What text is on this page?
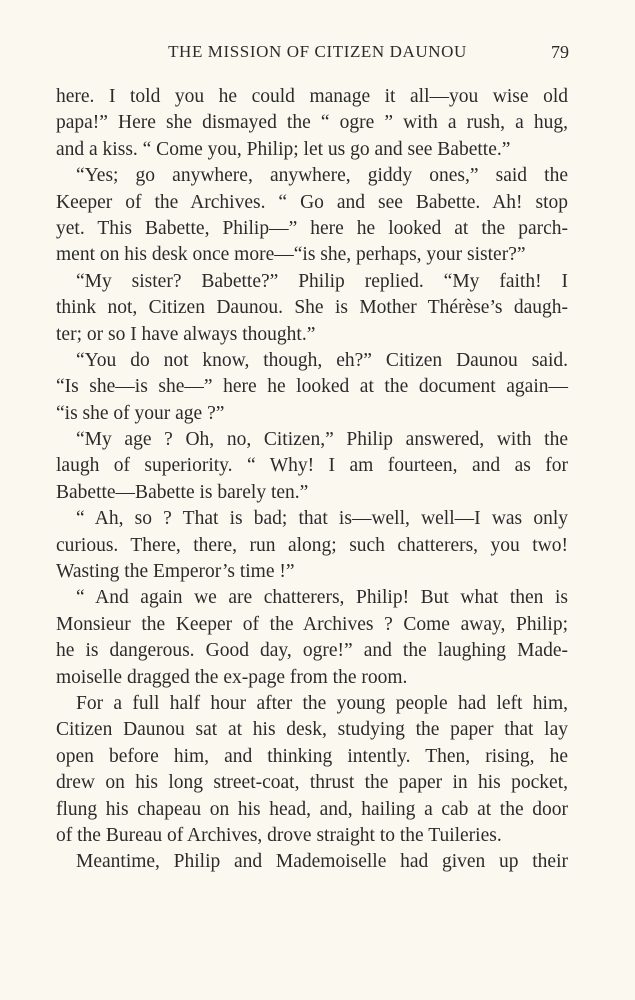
THE MISSION OF CITIZEN DAUNOU	79
here. I told you he could manage it all—you wise old
papa!” Here she dismayed the “ ogre ” with a rush, a hug,
and a kiss. “ Come you, Philip; let us go and see Babette.”
“Yes; go anywhere, anywhere, giddy ones,” said the
Keeper of the Archives. “ Go and see Babette. Ah! stop
yet. This Babette, Philip—” here he looked at the parch-
ment on his desk once more—“is she, perhaps, your sister?”
“My sister? Babette?” Philip replied. “My faith! I
think not, Citizen Daunou. She is Mother Thérèse’s daugh-
ter; or so I have always thought.”
“You do not know, though, eh?” Citizen Daunou said.
“Is she—is she—” here he looked at the document again—
“is she of your age ?”
“My age ? Oh, no, Citizen,” Philip answered, with the
laugh of superiority. “ Why! I am fourteen, and as for
Babette—Babette is barely ten.”
“ Ah, so ? That is bad; that is—well, well—I was only
curious. There, there, run along; such chatterers, you two!
Wasting the Emperor’s time !”
“ And again we are chatterers, Philip! But what then is
Monsieur the Keeper of the Archives ? Come away, Philip;
he is dangerous. Good day, ogre!” and the laughing Made-
moiselle dragged the ex-page from the room.
For a full half hour after the young people had left him,
Citizen Daunou sat at his desk, studying the paper that lay
open before him, and thinking intently. Then, rising, he
drew on his long street-coat, thrust the paper in his pocket,
flung his chapeau on his head, and, hailing a cab at the door
of the Bureau of Archives, drove straight to the Tuileries.
Meantime, Philip and Mademoiselle had given up their
